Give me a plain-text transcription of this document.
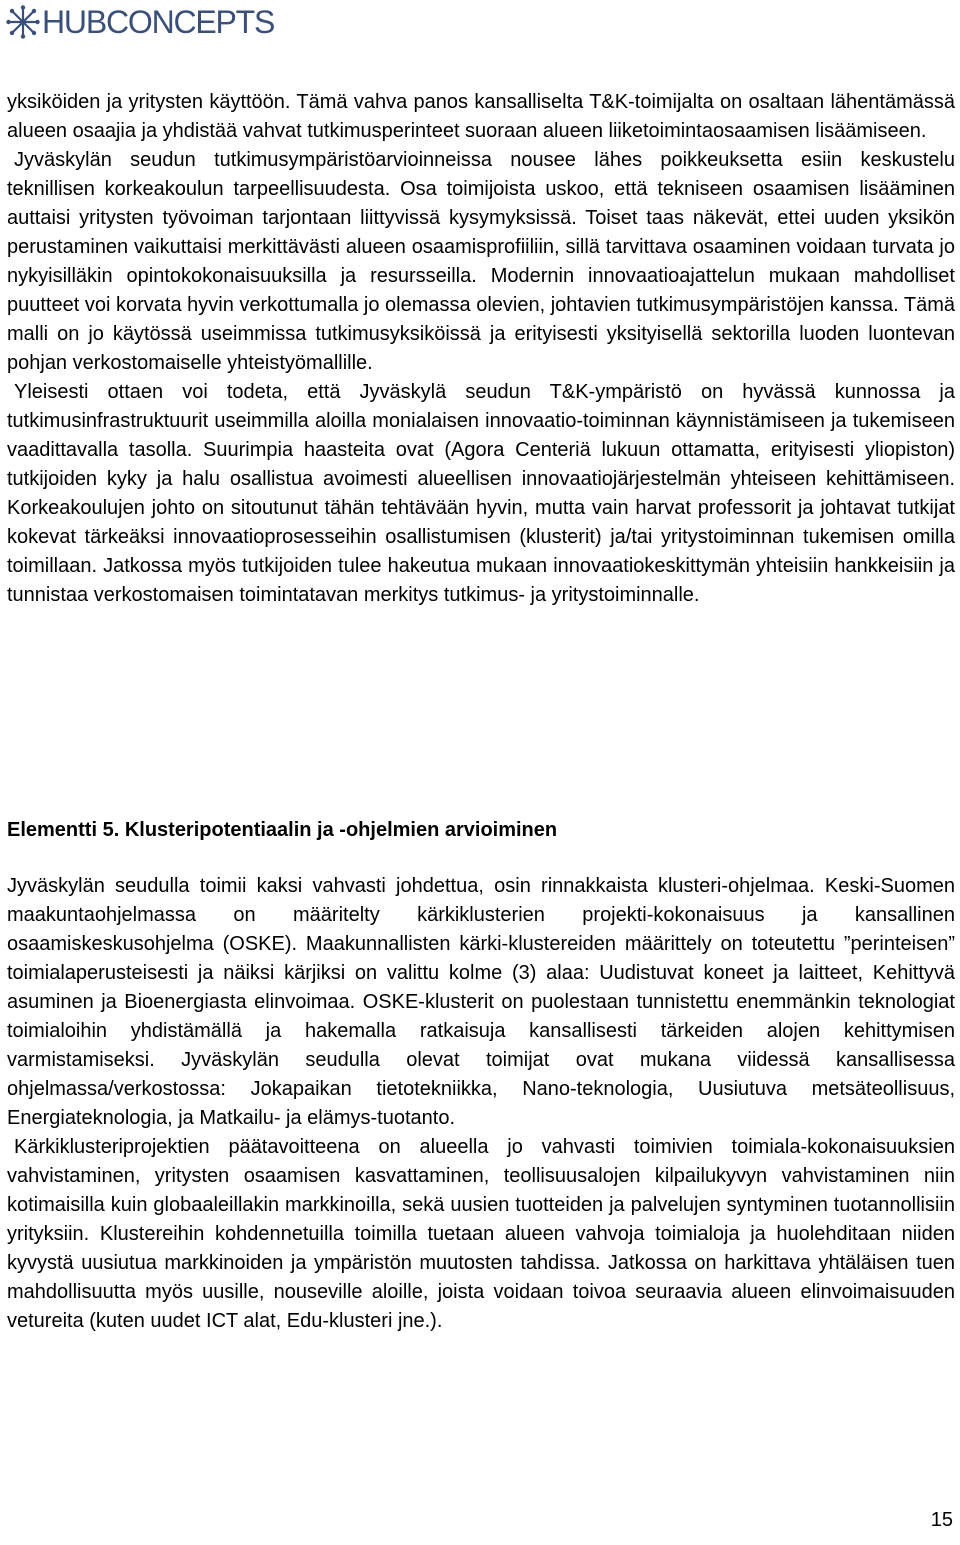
HUBCONCEPTS

yksiköiden ja yritysten käyttöön. Tämä vahva panos kansalliselta T&K-toimijalta on osaltaan lähentämässä alueen osaajia ja yhdistää vahvat tutkimusperinteet suoraan alueen liiketoimintaosaamisen lisäämiseen.

Jyväskylän seudun tutkimusympäristöarvioinneissa nousee lähes poikkeuksetta esiin keskustelu teknillisen korkeakoulun tarpeellisuudesta. Osa toimijoista uskoo, että tekniseen osaamisen lisääminen auttaisi yritysten työvoiman tarjontaan liittyvissä kysymyksissä. Toiset taas näkevät, ettei uuden yksikön perustaminen vaikuttaisi merkittävästi alueen osaamisprofiiliin, sillä tarvittava osaaminen voidaan turvata jo nykyisilläkin opintokokonaisuuksilla ja resursseilla. Modernin innovaatioajattelun mukaan mahdolliset puutteet voi korvata hyvin verkottumalla jo olemassa olevien, johtavien tutkimusympäristöjen kanssa. Tämä malli on jo käytössä useimmissa tutkimusyksiköissä ja erityisesti yksityisellä sektorilla luoden luontevan pohjan verkostomaiselle yhteistyömallille.

Yleisesti ottaen voi todeta, että Jyväskylä seudun T&K-ympäristö on hyvässä kunnossa ja tutkimusinfrastruktuurit useimmilla aloilla monialaisen innovaatio-toiminnan käynnistämiseen ja tukemiseen vaadittavalla tasolla. Suurimpia haasteita ovat (Agora Centeriä lukuun ottamatta, erityisesti yliopiston) tutkijoiden kyky ja halu osallistua avoimesti alueellisen innovaatiojärjestelmän yhteiseen kehittämiseen. Korkeakoulujen johto on sitoutunut tähän tehtävään hyvin, mutta vain harvat professorit ja johtavat tutkijat kokevat tärkeäksi innovaatioprosesseihin osallistumisen (klusterit) ja/tai yritystoiminnan tukemisen omilla toimillaan. Jatkossa myös tutkijoiden tulee hakeutua mukaan innovaatiokeskittymän yhteisiin hankkeisiin ja tunnistaa verkostomaisen toimintatavan merkitys tutkimus- ja yritystoiminnalle.

Elementti 5. Klusteripotentiaalin ja -ohjelmien arvioiminen

Jyväskylän seudulla toimii kaksi vahvasti johdettua, osin rinnakkaista klusteri-ohjelmaa. Keski-Suomen maakuntaohjelmassa on määritelty kärkiklusterien projekti-kokonaisuus ja kansallinen osaamiskeskusohjelma (OSKE). Maakunnallisten kärki-klustereiden määrittely on toteutettu ”perinteisen” toimialaperusteisesti ja näiksi kärjiksi on valittu kolme (3) alaa: Uudistuvat koneet ja laitteet, Kehittyvä asuminen ja Bioenergiasta elinvoimaa. OSKE-klusterit on puolestaan tunnistettu enemmänkin teknologiat toimialoihin yhdistämällä ja hakemalla ratkaisuja kansallisesti tärkeiden alojen kehittymisen varmistamiseksi. Jyväskylän seudulla olevat toimijat ovat mukana viidessä kansallisessa ohjelmassa/verkostossa: Jokapaikan tietotekniikka, Nano-teknologia, Uusiutuva metsäteollisuus, Energiateknologia, ja Matkailu- ja elämys-tuotanto.

Kärkiklusteriprojektien päätavoitteena on alueella jo vahvasti toimivien toimiala-kokonaisuuksien vahvistaminen, yritysten osaamisen kasvattaminen, teollisuusalojen kilpailukyvyn vahvistaminen niin kotimaisilla kuin globaaleillakin markkinoilla, sekä uusien tuotteiden ja palvelujen syntyminen tuotannollisiin yrityksiin. Klustereihin kohdennetuilla toimilla tuetaan alueen vahvoja toimialoja ja huolehditaan niiden kyvystä uusiutua markkinoiden ja ympäristön muutosten tahdissa. Jatkossa on harkittava yhtäläisen tuen mahdollisuutta myös uusille, nouseville aloille, joista voidaan toivoa seuraavia alueen elinvoimaisuuden vetureita (kuten uudet ICT alat, Edu-klusteri jne.).

15
